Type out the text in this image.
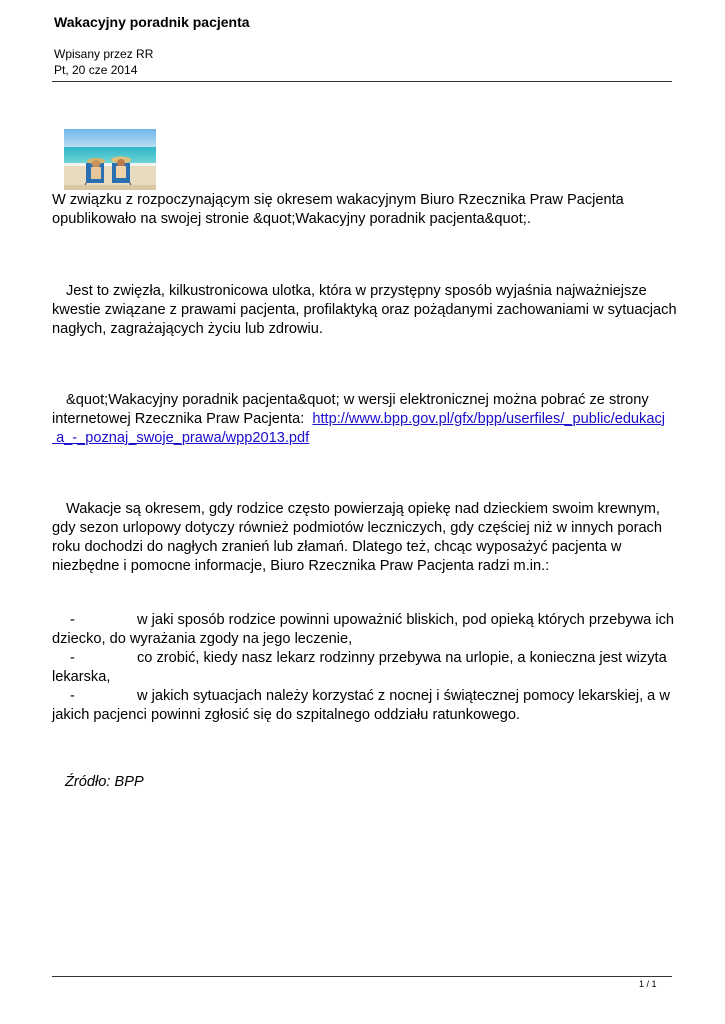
Wakacyjny poradnik pacjenta
Wpisany przez RR
Pt, 20 cze 2014
W związku z rozpoczynającym się okresem wakacyjnym Biuro Rzecznika Praw Pacjenta opublikowało na swojej stronie &quot;Wakacyjny poradnik pacjenta&quot;.
Jest to zwięzła, kilkustronicowa ulotka, która w przystępny sposób wyjaśnia najważniejsze kwestie związane z prawami pacjenta, profilaktyką oraz pożądanymi zachowaniami w sytuacjach nagłych, zagrażających życiu lub zdrowiu.
&quot;Wakacyjny poradnik pacjenta&quot; w wersji elektronicznej można pobrać ze strony internetowej Rzecznika Praw Pacjenta: http://www.bpp.gov.pl/gfx/bpp/userfiles/_public/edukacj
a_-_poznaj_swoje_prawa/wpp2013.pdf
Wakacje są okresem, gdy rodzice często powierzają opiekę nad dzieckiem swoim krewnym, gdy sezon urlopowy dotyczy również podmiotów leczniczych, gdy częściej niż w innych porach roku dochodzi do nagłych zranień lub złamań. Dlatego też, chcąc wyposażyć pacjenta w niezbędne i pomocne informacje, Biuro Rzecznika Praw Pacjenta radzi m.in.:
-	w jaki sposób rodzice powinni upoważnić bliskich, pod opieką których przebywa ich dziecko, do wyrażania zgody na jego leczenie,
-	co zrobić, kiedy nasz lekarz rodzinny przebywa na urlopie, a konieczna jest wizyta lekarska,
-	w jakich sytuacjach należy korzystać z nocnej i świątecznej pomocy lekarskiej, a w jakich pacjenci powinni zgłosić się do szpitalnego oddziału ratunkowego.
Źródło: BPP
1 / 1
